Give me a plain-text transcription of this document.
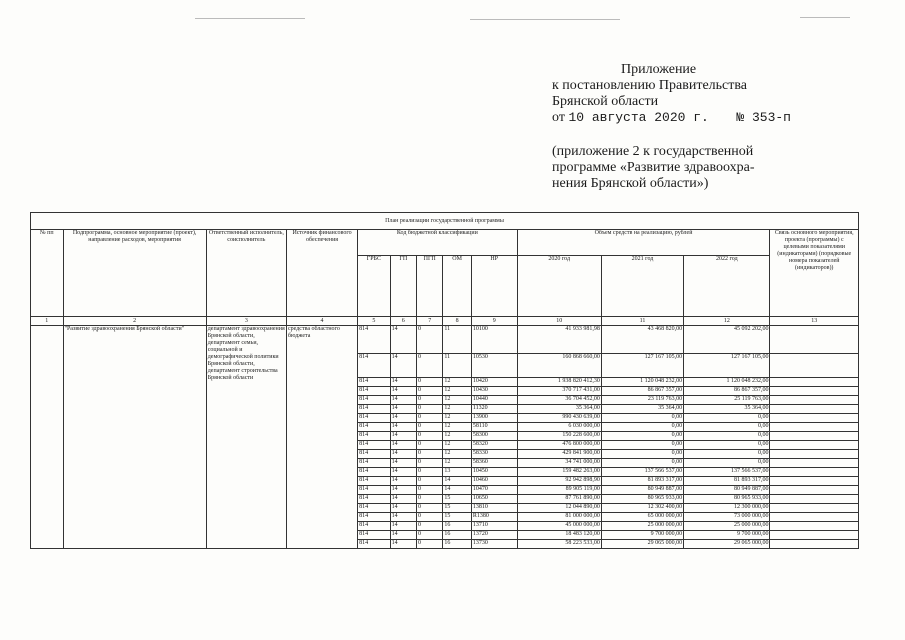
Приложение
к постановлению Правительства
Брянской области
от 10 августа 2020 г. № 353-п
(приложение 2 к государственной
программе «Развитие здравоохра-
нения Брянской области»)
План реализации государственной программы												
№ пп	Подпрограмма, основное мероприятие (проект), направление расходов, мероприятия	Ответственный исполнитель, соисполнитель	Источник финансового обеспечения	Код бюджетной классификации					Объем средств на реализацию, рублей			Связь основного мероприятия, проекта (программы) с целевыми показателями (индикаторами) (порядковые номера показателей (индикаторов))
				ГРБС	ГП	ПГП	ОМ	НР	2020 год	2021 год	2022 год	
1	2	3	4	5	6	7	8	9	10	11	12	13
	"Развитие здравоохранения Брянской области"	департамент здравоохранения Брянской области, департамент семьи, социальной и демографической политики Брянской области, департамент строительства Брянской области	средства областного бюджета	814	14	0	11	10100	41 933 981,98	43 468 820,00	45 092 202,00	
				814	14	0	11	10530	160 868 660,00	127 167 105,00	127 167 105,00	
				814	14	0	12	10420	1 938 820 412,30	1 120 048 232,00	1 120 048 232,00	
				814	14	0	12	10430	370 717 431,00	86 867 357,00	86 867 357,00	
				814	14	0	12	10440	36 704 452,00	23 119 763,00	25 119 763,00	
				814	14	0	12	11320	35 364,00	35 364,00	35 364,00	
				814	14	0	12	13900	990 430 639,00	0,00	0,00	
				814	14	0	12	58110	6 030 000,00	0,00	0,00	
				814	14	0	12	58300	150 228 600,00	0,00	0,00	
				814	14	0	12	58320	476 800 000,00	0,00	0,00	
				814	14	0	12	58330	429 841 900,00	0,00	0,00	
				814	14	0	12	58360	34 741 000,00	0,00	0,00	
				814	14	0	13	10450	159 482 263,00	137 566 537,00	137 566 537,00	
				814	14	0	14	10460	92 942 898,90	81 893 317,00	81 893 317,00	
				814	14	0	14	10470	89 905 119,00	80 949 887,00	80 949 887,00	
				814	14	0	15	10650	87 761 890,00	80 965 933,00	80 965 933,00	
				814	14	0	15	13810	12 044 890,00	12 302 400,00	12 300 000,00	
				814	14	0	15	R1380	81 000 000,00	65 000 000,00	73 000 000,00	
				814	14	0	16	13710	45 000 000,00	25 000 000,00	25 000 000,00	
				814	14	0	16	13720	18 483 120,00	9 700 000,00	9 700 000,00	
				814	14	0	16	13730	58 223 533,00	29 065 000,00	29 065 000,00	
